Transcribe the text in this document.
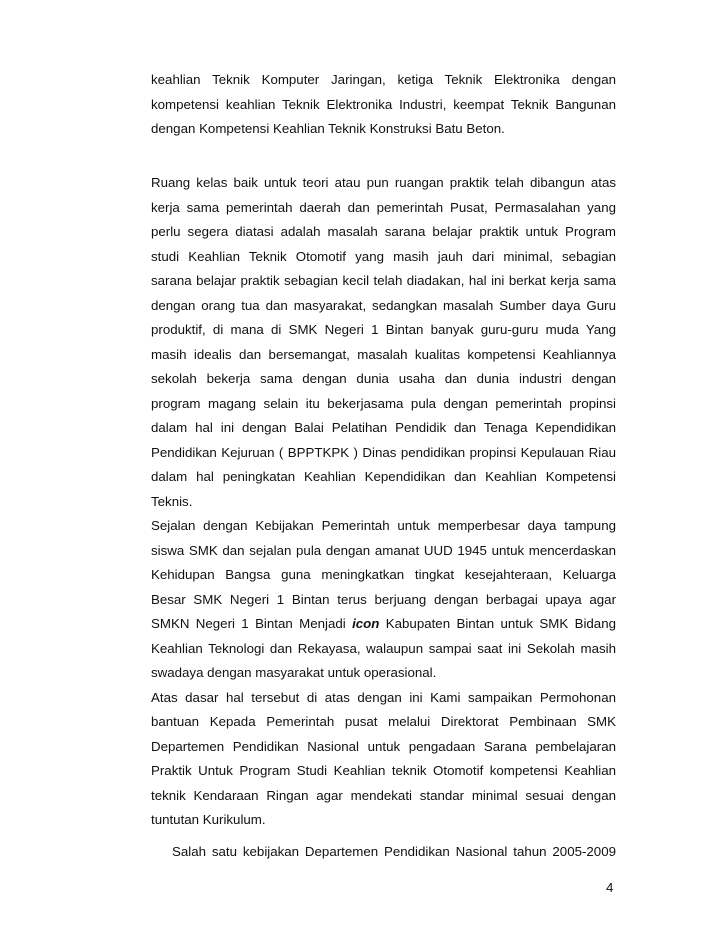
keahlian Teknik Komputer Jaringan, ketiga Teknik Elektronika dengan
kompetensi keahlian Teknik Elektronika Industri, keempat Teknik Bangunan
dengan Kompetensi Keahlian Teknik Konstruksi Batu Beton.
Ruang kelas baik untuk teori atau pun ruangan praktik telah dibangun atas
kerja sama pemerintah daerah dan pemerintah Pusat, Permasalahan yang
perlu segera diatasi adalah masalah sarana belajar praktik untuk Program
studi Keahlian Teknik Otomotif yang masih jauh dari minimal, sebagian
sarana belajar praktik sebagian kecil telah diadakan, hal ini berkat kerja sama
dengan orang tua dan masyarakat, sedangkan masalah Sumber daya Guru
produktif, di mana di SMK Negeri 1 Bintan banyak guru-guru muda Yang
masih idealis dan bersemangat, masalah kualitas kompetensi Keahliannya
sekolah bekerja sama dengan dunia usaha dan dunia industri dengan
program magang selain itu bekerjasama pula dengan pemerintah propinsi
dalam hal ini dengan Balai Pelatihan Pendidik dan Tenaga Kependidikan
Pendidikan Kejuruan ( BPPTKPK ) Dinas pendidikan propinsi Kepulauan Riau
dalam hal peningkatan Keahlian Kependidikan dan Keahlian Kompetensi
Teknis.
Sejalan dengan Kebijakan Pemerintah untuk memperbesar daya tampung
siswa SMK dan sejalan pula dengan amanat UUD 1945 untuk mencerdaskan
Kehidupan Bangsa guna meningkatkan tingkat kesejahteraan, Keluarga
Besar SMK Negeri 1 Bintan terus berjuang dengan berbagai upaya agar
SMKN Negeri 1 Bintan Menjadi icon Kabupaten Bintan untuk SMK Bidang
Keahlian Teknologi dan Rekayasa, walaupun sampai saat ini Sekolah masih
swadaya dengan masyarakat untuk operasional.
Atas dasar hal tersebut di atas dengan ini Kami sampaikan Permohonan
bantuan Kepada Pemerintah pusat melalui Direktorat Pembinaan SMK
Departemen Pendidikan Nasional untuk pengadaan Sarana pembelajaran
Praktik Untuk Program Studi Keahlian teknik Otomotif kompetensi Keahlian
teknik Kendaraan Ringan agar mendekati standar minimal sesuai dengan
tuntutan Kurikulum.
Salah satu kebijakan Departemen Pendidikan Nasional tahun 2005-2009
4
